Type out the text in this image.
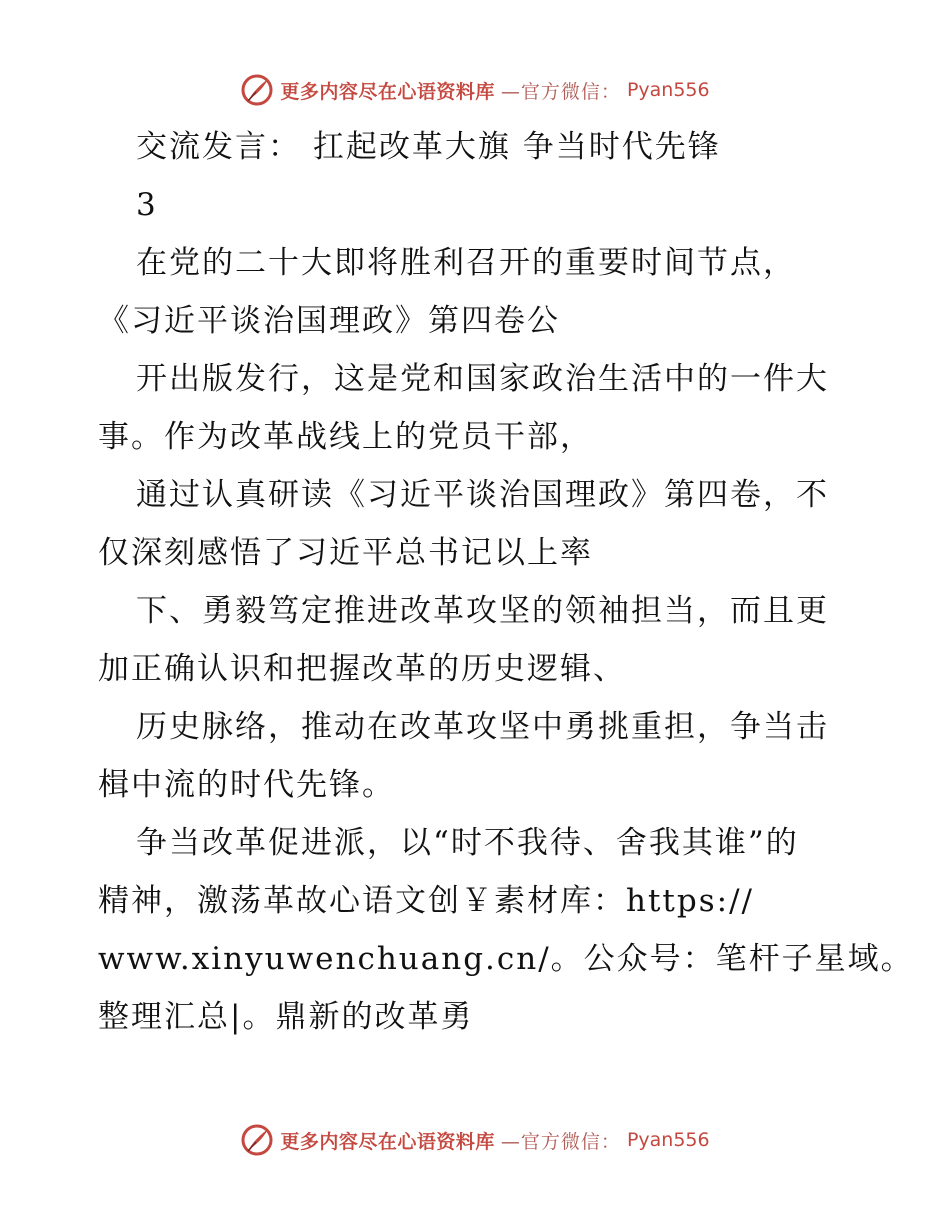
更多内容尽在心语资料库 —官方微信： Pyan556
交流发言： 扛起改革大旗 争当时代先锋
3
在党的二十大即将胜利召开的重要时间节点，
《习近平谈治国理政》第四卷公
开出版发行，这是党和国家政治生活中的一件大
事。作为改革战线上的党员干部，
通过认真研读《习近平谈治国理政》第四卷，不
仅深刻感悟了习近平总书记以上率
下、勇毅笃定推进改革攻坚的领袖担当，而且更
加正确认识和把握改革的历史逻辑、
历史脉络，推动在改革攻坚中勇挑重担，争当击
楫中流的时代先锋。
争当改革促进派，以“时不我待、舍我其谁”的
精神，激荡革故心语文创￥素材库：https://
www.xinyuwenchuang.cn/。公众号：笔杆子星域。
整理汇总|。鼎新的改革勇
更多内容尽在心语资料库 —官方微信： Pyan556
